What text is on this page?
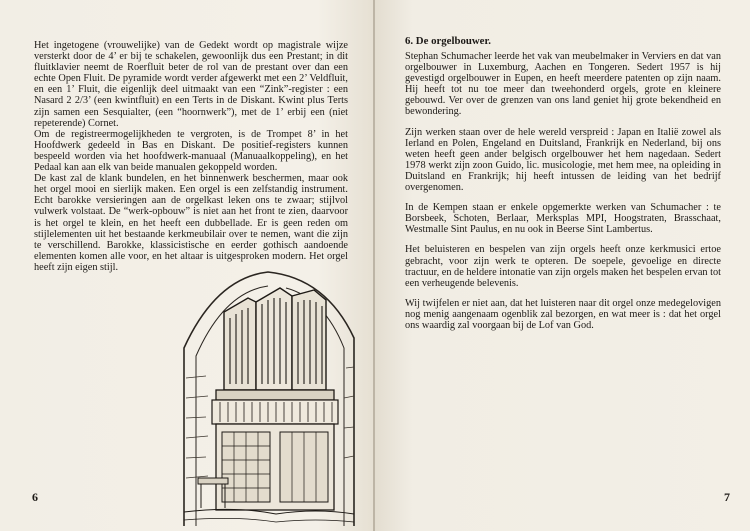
Het ingetogene (vrouwelijke) van de Gedekt wordt op magistrale wijze versterkt door de 4’ er bij te schakelen, gewoonlijk dus een Prestant; in dit fluitklavier neemt de Roerfluit beter de rol van de prestant over dan een echte Open Fluit. De pyramide wordt verder afgewerkt met een 2’ Veldfluit, en een 1’ Fluit, die eigenlijk deel uitmaakt van een “Zink”-register : een Nasard 2 2/3’ (een kwintfluit) en een Terts in de Diskant. Kwint plus Terts zijn samen een Sesquialter, (een “hoornwerk”), met de 1’ erbij een (niet repeterende) Cornet.

Om de registreermogelijkheden te vergroten, is de Trompet 8’ in het Hoofdwerk gedeeld in Bas en Diskant. De positief-registers kunnen bespeeld worden via het hoofdwerk-manuaal (Manuaalkoppeling), en het Pedaal kan aan elk van beide manualen gekoppeld worden.

De kast zal de klank bundelen, en het binnenwerk beschermen, maar ook het orgel mooi en sierlijk maken. Een orgel is een zelfstandig instrument. Echt barokke versieringen aan de orgelkast leken ons te zwaar; stijlvol vulwerk volstaat. De “werk-opbouw” is niet aan het front te zien, daarvoor is het orgel te klein, en het heeft een dubbellade. Er is geen reden om stijlelementen uit het bestaande kerkmeubilair over te nemen, want die zijn te verschillend. Barokke, klassicistische en eerder gothisch aandoende elementen komen alle voor, en het altaar is uitgesproken modern. Het orgel heeft zijn eigen stijl.

6
6. De orgelbouwer.

Stephan Schumacher leerde het vak van meubelmaker in Verviers en dat van orgelbouwer in Luxemburg, Aachen en Tongeren. Sedert 1957 is hij gevestigd orgelbouwer in Eupen, en heeft meerdere patenten op zijn naam. Hij heeft tot nu toe meer dan tweehonderd orgels, grote en kleinere gebouwd. Ver over de grenzen van ons land geniet hij grote bekendheid en bewondering.

Zijn werken staan over de hele wereld verspreid : Japan en Italië zowel als Ierland en Polen, Engeland en Duitsland, Frankrijk en Nederland, bij ons weten heeft geen ander belgisch orgelbouwer het hem nagedaan. Sedert 1978 werkt zijn zoon Guido, lic. musicologie, met hem mee, na opleiding in Duitsland en Frankrijk; hij heeft intussen de leiding van het bedrijf overgenomen.

In de Kempen staan er enkele opgemerkte werken van Schumacher : te Borsbeek, Schoten, Berlaar, Merksplas MPI, Hoogstraten, Brasschaat, Westmalle Sint Paulus, en nu ook in Beerse Sint Lambertus.

Het beluisteren en bespelen van zijn orgels heeft onze kerkmusici ertoe gebracht, voor zijn werk te opteren. De soepele, gevoelige en directe tractuur, en de heldere intonatie van zijn orgels maken het bespelen ervan tot een verheugende belevenis.

Wij twijfelen er niet aan, dat het luisteren naar dit orgel onze medegelovigen nog menig aangenaam ogenblik zal bezorgen, en wat meer is : dat het orgel ons waardig zal voorgaan bij de Lof van God.

7
